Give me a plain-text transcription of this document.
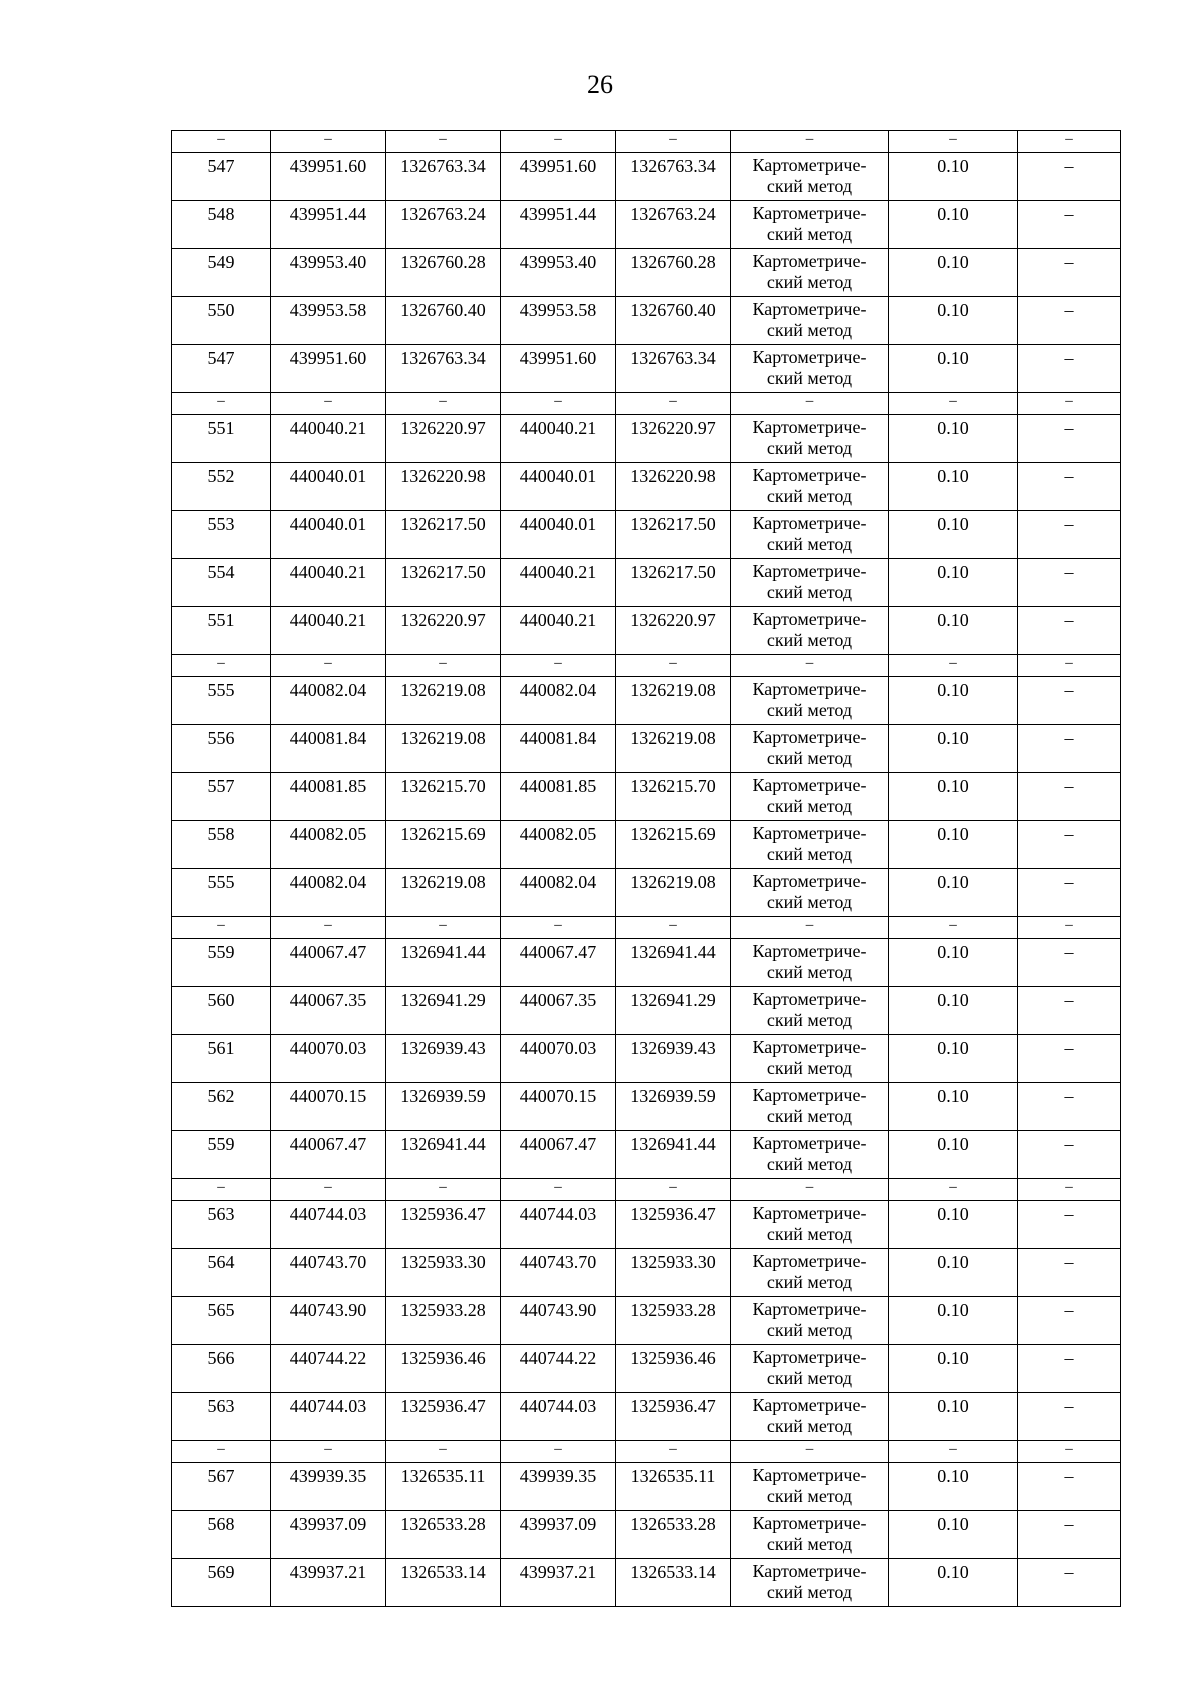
26
–	–	–	–	–	–	–	–
547	439951.60	1326763.34	439951.60	1326763.34	Картометриче-
ский метод	0.10	–
548	439951.44	1326763.24	439951.44	1326763.24	Картометриче-
ский метод	0.10	–
549	439953.40	1326760.28	439953.40	1326760.28	Картометриче-
ский метод	0.10	–
550	439953.58	1326760.40	439953.58	1326760.40	Картометриче-
ский метод	0.10	–
547	439951.60	1326763.34	439951.60	1326763.34	Картометриче-
ский метод	0.10	–
–	–	–	–	–	–	–	–
551	440040.21	1326220.97	440040.21	1326220.97	Картометриче-
ский метод	0.10	–
552	440040.01	1326220.98	440040.01	1326220.98	Картометриче-
ский метод	0.10	–
553	440040.01	1326217.50	440040.01	1326217.50	Картометриче-
ский метод	0.10	–
554	440040.21	1326217.50	440040.21	1326217.50	Картометриче-
ский метод	0.10	–
551	440040.21	1326220.97	440040.21	1326220.97	Картометриче-
ский метод	0.10	–
–	–	–	–	–	–	–	–
555	440082.04	1326219.08	440082.04	1326219.08	Картометриче-
ский метод	0.10	–
556	440081.84	1326219.08	440081.84	1326219.08	Картометриче-
ский метод	0.10	–
557	440081.85	1326215.70	440081.85	1326215.70	Картометриче-
ский метод	0.10	–
558	440082.05	1326215.69	440082.05	1326215.69	Картометриче-
ский метод	0.10	–
555	440082.04	1326219.08	440082.04	1326219.08	Картометриче-
ский метод	0.10	–
–	–	–	–	–	–	–	–
559	440067.47	1326941.44	440067.47	1326941.44	Картометриче-
ский метод	0.10	–
560	440067.35	1326941.29	440067.35	1326941.29	Картометриче-
ский метод	0.10	–
561	440070.03	1326939.43	440070.03	1326939.43	Картометриче-
ский метод	0.10	–
562	440070.15	1326939.59	440070.15	1326939.59	Картометриче-
ский метод	0.10	–
559	440067.47	1326941.44	440067.47	1326941.44	Картометриче-
ский метод	0.10	–
–	–	–	–	–	–	–	–
563	440744.03	1325936.47	440744.03	1325936.47	Картометриче-
ский метод	0.10	–
564	440743.70	1325933.30	440743.70	1325933.30	Картометриче-
ский метод	0.10	–
565	440743.90	1325933.28	440743.90	1325933.28	Картометриче-
ский метод	0.10	–
566	440744.22	1325936.46	440744.22	1325936.46	Картометриче-
ский метод	0.10	–
563	440744.03	1325936.47	440744.03	1325936.47	Картометриче-
ский метод	0.10	–
–	–	–	–	–	–	–	–
567	439939.35	1326535.11	439939.35	1326535.11	Картометриче-
ский метод	0.10	–
568	439937.09	1326533.28	439937.09	1326533.28	Картометриче-
ский метод	0.10	–
569	439937.21	1326533.14	439937.21	1326533.14	Картометриче-
ский метод	0.10	–
